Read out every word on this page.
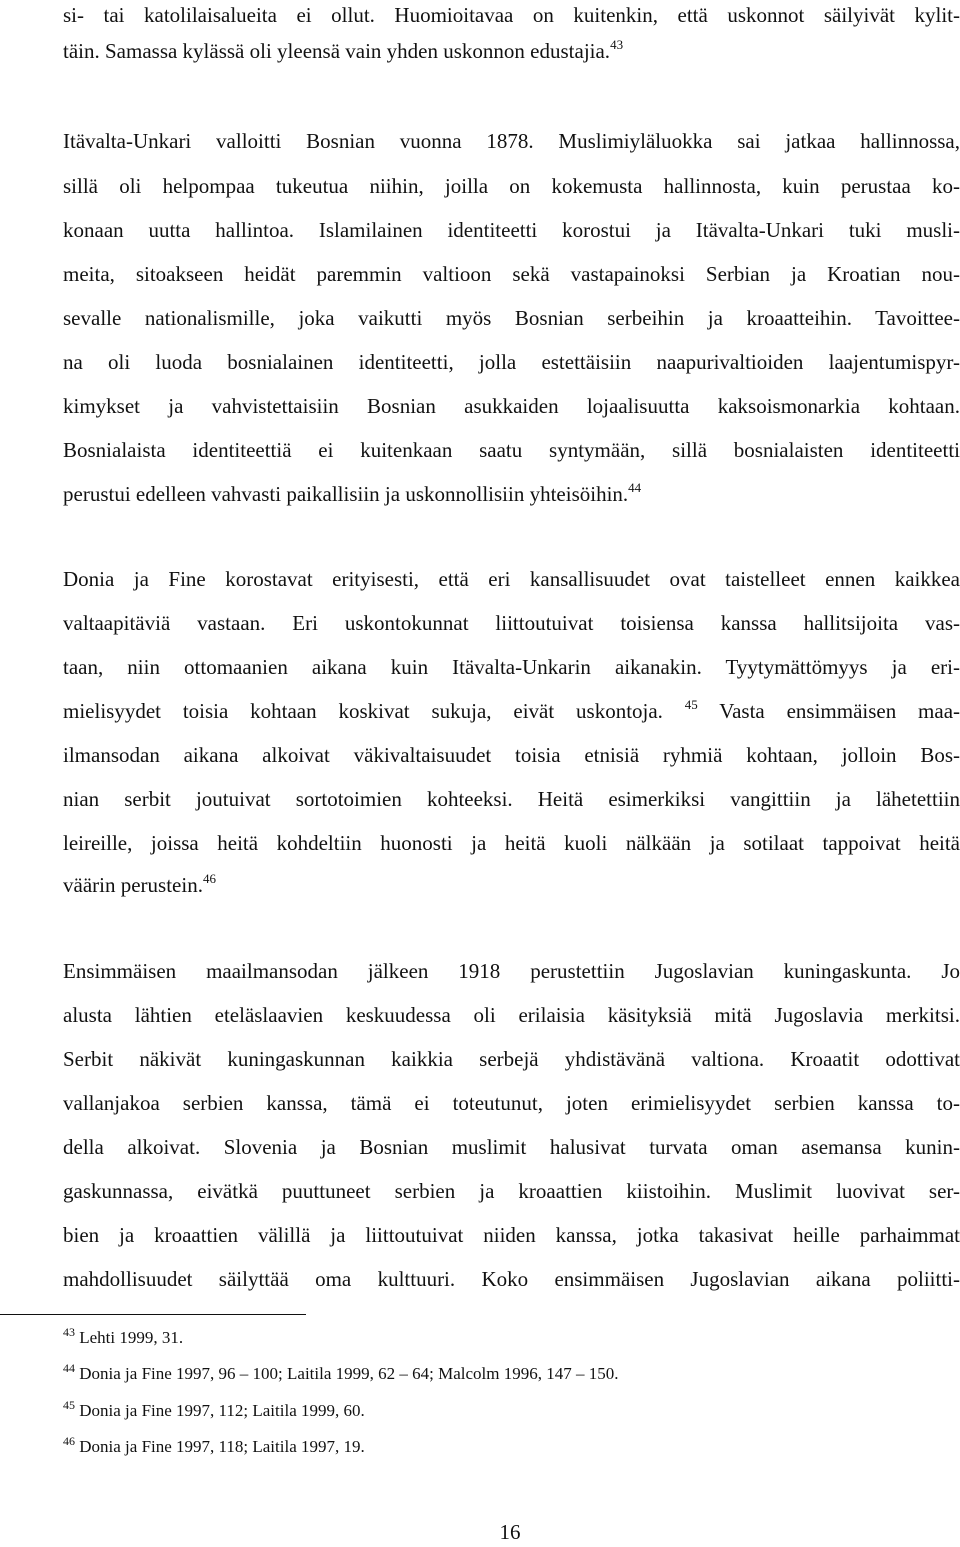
si- tai katolilaisalueita ei ollut. Huomioitavaa on kuitenkin, että uskonnot säilyivät kylit-
täin. Samassa kylässä oli yleensä vain yhden uskonnon edustajia.$^{43}$
Itävalta-Unkari valloitti Bosnian vuonna 1878. Muslimiyläluokka sai jatkaa hallinnossa,
sillä oli helpompaa tukeutua niihin, joilla on kokemusta hallinnosta, kuin perustaa ko-
konaan uutta hallintoa. Islamilainen identiteetti korostui ja Itävalta-Unkari tuki musli-
meita, sitoakseen heidät paremmin valtioon sekä vastapainoksi Serbian ja Kroatian nou-
sevalle nationalismille, joka vaikutti myös Bosnian serbeihin ja kroaatteihin. Tavoittee-
na oli luoda bosnialainen identiteetti, jolla estettäisiin naapurivaltioiden laajentumispyr-
kimykset ja vahvistettaisiin Bosnian asukkaiden lojaalisuutta kaksoismonarkia kohtaan.
Bosnialaista identiteettiä ei kuitenkaan saatu syntymään, sillä bosnialaisten identiteetti
perustui edelleen vahvasti paikallisiin ja uskonnollisiin yhteisöihin.$^{44}$
Donia ja Fine korostavat erityisesti, että eri kansallisuudet ovat taistelleet ennen kaikkea
valtaapitäviä vastaan. Eri uskontokunnat liittoutuivat toisiensa kanssa hallitsijoita vas-
taan, niin ottomaanien aikana kuin Itävalta-Unkarin aikanakin. Tyytymättömyys ja eri-
mielisyydet toisia kohtaan koskivat sukuja, eivät uskontoja. $^{45}$ Vasta ensimmäisen maa-
ilmansodan aikana alkoivat väkivaltaisuudet toisia etnisiä ryhmiä kohtaan, jolloin Bos-
nian serbit joutuivat sortotoimien kohteeksi. Heitä esimerkiksi vangittiin ja lähetettiin
leireille, joissa heitä kohdeltiin huonosti ja heitä kuoli nälkään ja sotilaat tappoivat heitä
väärin perustein.$^{46}$
Ensimmäisen maailmansodan jälkeen 1918 perustettiin Jugoslavian kuningaskunta. Jo
alusta lähtien eteläslaavien keskuudessa oli erilaisia käsityksiä mitä Jugoslavia merkitsi.
Serbit näkivät kuningaskunnan kaikkia serbejä yhdistävänä valtiona. Kroaatit odottivat
vallanjakoa serbien kanssa, tämä ei toteutunut, joten erimielisyydet serbien kanssa to-
della alkoivat. Slovenia ja Bosnian muslimit halusivat turvata oman asemansa kunin-
gaskunnassa, eivätkä puuttuneet serbien ja kroaattien kiistoihin. Muslimit luovivat ser-
bien ja kroaattien välillä ja liittoutuivat niiden kanssa, jotka takasivat heille parhaimmat
mahdollisuudet säilyttää oma kulttuuri. Koko ensimmäisen Jugoslavian aikana poliitti-
$^{43}$ Lehti 1999, 31.
$^{44}$ Donia ja Fine 1997, 96 – 100; Laitila 1999, 62 – 64; Malcolm 1996, 147 – 150.
$^{45}$ Donia ja Fine 1997, 112; Laitila 1999, 60.
$^{46}$ Donia ja Fine 1997, 118; Laitila 1997, 19.
16
